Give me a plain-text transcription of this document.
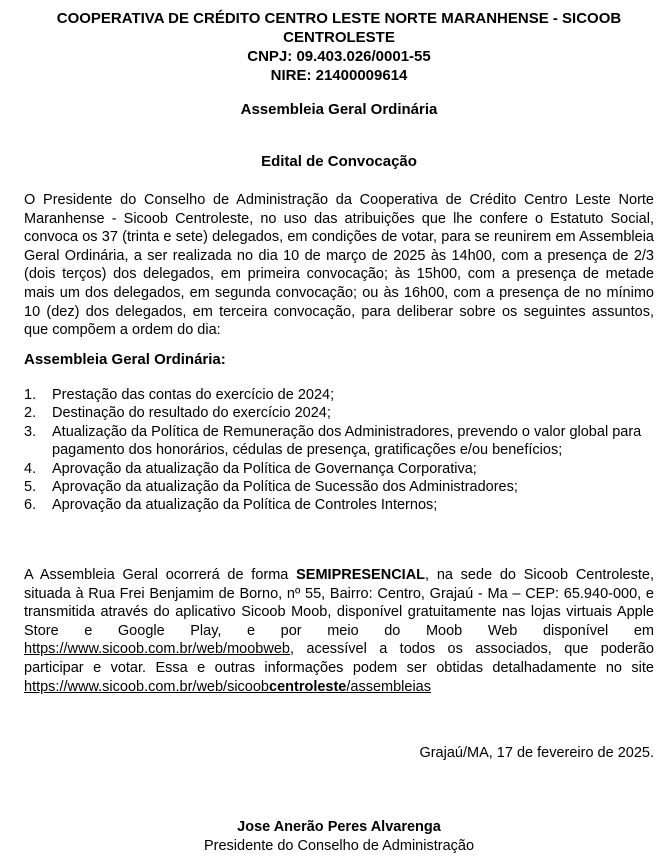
COOPERATIVA DE CRÉDITO CENTRO LESTE NORTE MARANHENSE - SICOOB
CENTROLESTE
CNPJ: 09.403.026/0001-55
NIRE: 21400009614
Assembleia Geral Ordinária
Edital de Convocação
O Presidente do Conselho de Administração da Cooperativa de Crédito Centro Leste Norte Maranhense - Sicoob Centroleste, no uso das atribuições que lhe confere o Estatuto Social, convoca os 37 (trinta e sete) delegados, em condições de votar, para se reunirem em Assembleia Geral Ordinária, a ser realizada no dia 10 de março de 2025 às 14h00, com a presença de 2/3 (dois terços) dos delegados, em primeira convocação; às 15h00, com a presença de metade mais um dos delegados, em segunda convocação; ou às 16h00, com a presença de no mínimo 10 (dez) dos delegados, em terceira convocação, para deliberar sobre os seguintes assuntos, que compõem a ordem do dia:
Assembleia Geral Ordinária:
1.	Prestação das contas do exercício de 2024;
2.	Destinação do resultado do exercício 2024;
3.	Atualização da Política de Remuneração dos Administradores, prevendo o valor global para pagamento dos honorários, cédulas de presença, gratificações e/ou benefícios;
4.	Aprovação da atualização da Política de Governança Corporativa;
5.	Aprovação da atualização da Política de Sucessão dos Administradores;
6.	Aprovação da atualização da Política de Controles Internos;
A Assembleia Geral ocorrerá de forma SEMIPRESENCIAL, na sede do Sicoob Centroleste, situada à Rua Frei Benjamim de Borno, nº 55, Bairro: Centro, Grajaú - Ma – CEP: 65.940-000, e transmitida através do aplicativo Sicoob Moob, disponível gratuitamente nas lojas virtuais Apple Store e Google Play, e por meio do Moob Web disponível em https://www.sicoob.com.br/web/moobweb, acessível a todos os associados, que poderão participar e votar. Essa e outras informações podem ser obtidas detalhadamente no site https://www.sicoob.com.br/web/sicoobcentroleste/assembleias
Grajaú/MA, 17 de fevereiro de 2025.
Jose Anerão Peres Alvarenga
Presidente do Conselho de Administração
